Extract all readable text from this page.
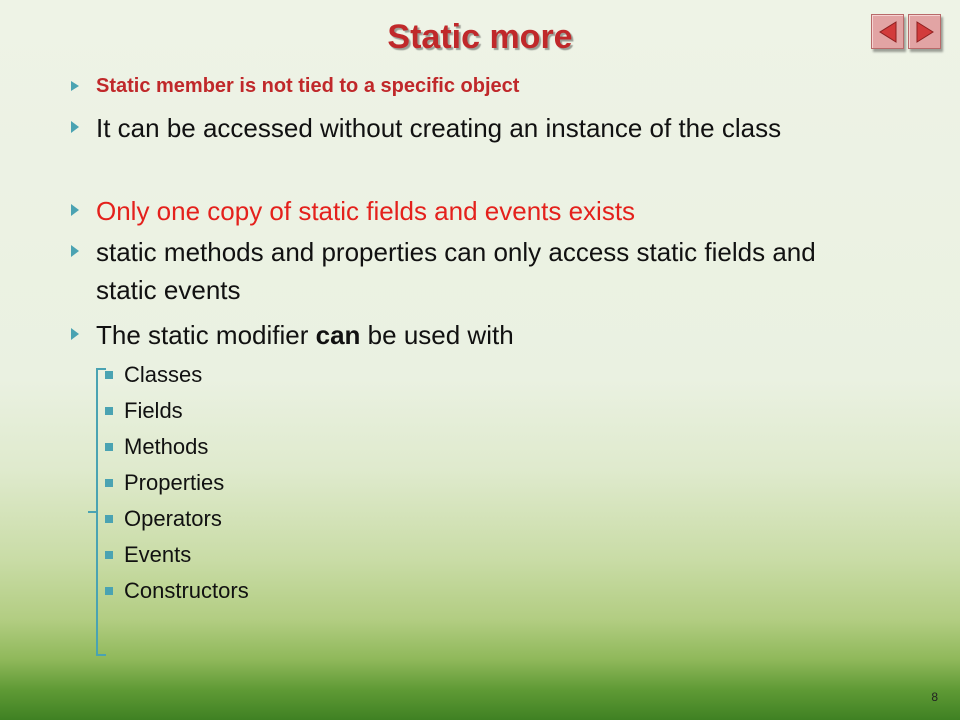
Static more
Static member is not tied to a specific object
It can be accessed without creating an instance of the class
Only one copy of static fields and events exists
static methods and properties can only access static fields and static events
The static modifier can be used with
Classes
Fields
Methods
Properties
Operators
Events
Constructors
8
